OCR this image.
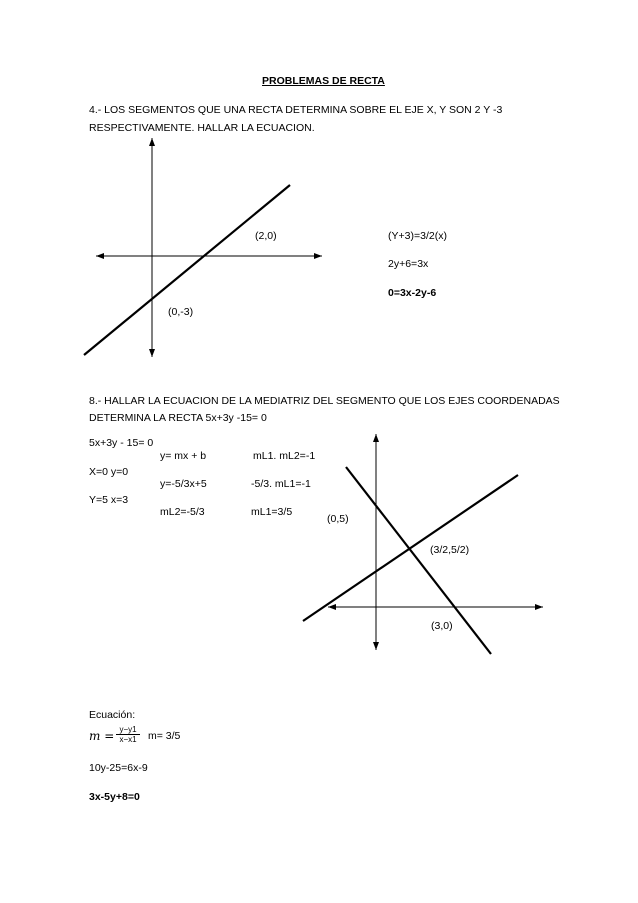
PROBLEMAS DE RECTA
4.- LOS SEGMENTOS QUE UNA RECTA DETERMINA SOBRE EL EJE X, Y SON 2 Y -3
RESPECTIVAMENTE. HALLAR LA ECUACION.
(2,0)
(0,-3)
(Y+3)=3/2(x)
2y+6=3x
0=3x-2y-6
8.- HALLAR LA ECUACION DE LA MEDIATRIZ DEL SEGMENTO QUE LOS EJES COORDENADAS
DETERMINA LA RECTA 5x+3y -15= 0
5x+3y - 15= 0
X=0 y=0
Y=5 x=3
y= mx + b
y=-5/3x+5
mL2=-5/3
mL1. mL2=-1
-5/3. mL1=-1
mL1=3/5
(0,5)
(3/2,5/2)
(3,0)
Ecuación:
$m = \frac{y-y1}{x-x1} m= 3/5$
10y-25=6x-9
3x-5y+8=0
